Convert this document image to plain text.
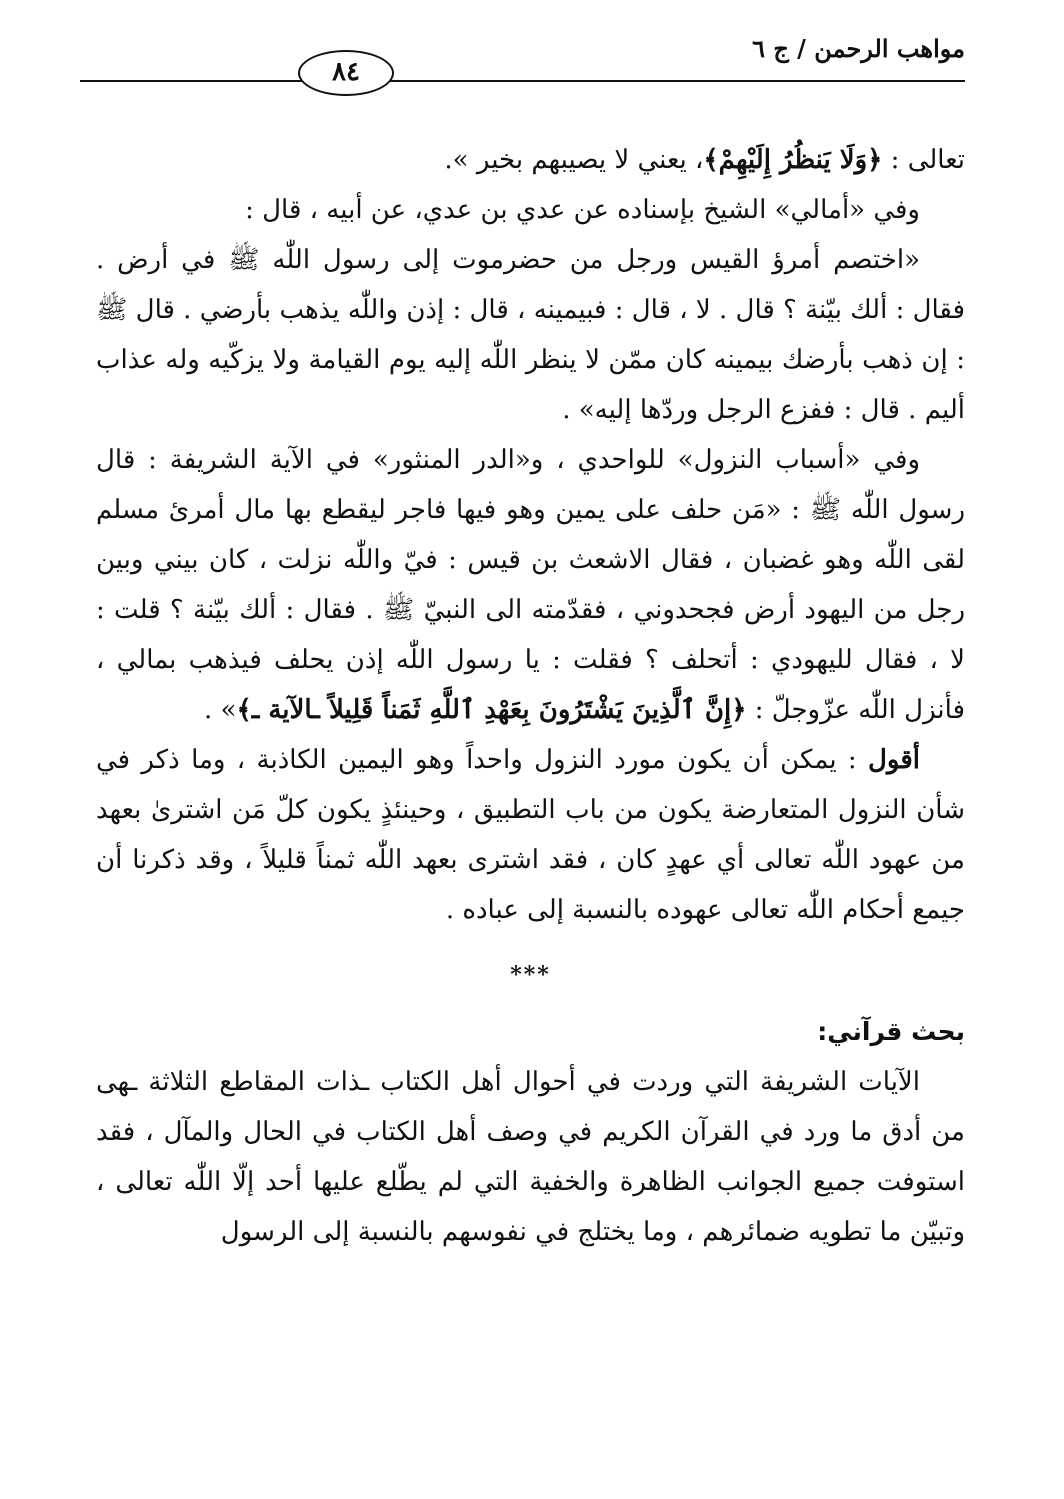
مواهب الرحمن / ج ٦
٨٤

تعالى : ﴿وَلَا يَنظُرُ إِلَيْهِمْ﴾، يعني لا يصيبهم بخير ».

وفي «أمالي» الشيخ بإسناده عن عدي بن عدي، عن أبيه ، قال :

«اختصم أمرؤ القيس ورجل من حضرموت إلى رسول اللّٰه ﷺ في أرض . فقال : ألك بيّنة ؟ قال . لا ، قال : فبيمينه ، قال : إذن واللّٰه يذهب بأرضي . قال ﷺ : إن ذهب بأرضك بيمينه كان ممّن لا ينظر اللّٰه إليه يوم القيامة ولا يزكّيه وله عذاب أليم . قال : ففزع الرجل وردّها إليه» .

وفي «أسباب النزول» للواحدي ، و«الدر المنثور» في الآية الشريفة : قال رسول اللّٰه ﷺ : «مَن حلف على يمين وهو فيها فاجر ليقطع بها مال أمرئ مسلم لقى اللّٰه وهو غضبان ، فقال الاشعث بن قيس : فيّ واللّٰه نزلت ، كان بيني وبين رجل من اليهود أرض فجحدوني ، فقدّمته الى النبيّ ﷺ . فقال : ألك بيّنة ؟ قلت : لا ، فقال لليهودي : أتحلف ؟ فقلت : يا رسول اللّٰه إذن يحلف فيذهب بمالي ، فأنزل اللّٰه عزّوجلّ : ﴿إِنَّ ٱلَّذِينَ يَشْتَرُونَ بِعَهْدِ ٱللَّهِ ثَمَناً قَلِيلاً ـالآية ـ﴾» .

أقول : يمكن أن يكون مورد النزول واحداً وهو اليمين الكاذبة ، وما ذكر في شأن النزول المتعارضة يكون من باب التطبيق ، وحينئذٍ يكون كلّ مَن اشترىٰ بعهد من عهود اللّٰه تعالى أي عهدٍ كان ، فقد اشترى بعهد اللّٰه ثمناً قليلاً ، وقد ذكرنا أن جيمع أحكام اللّٰه تعالى عهوده بالنسبة إلى عباده .

***

بحث قرآني:

الآيات الشريفة التي وردت في أحوال أهل الكتاب ـذات المقاطع الثلاثة ـهى من أدق ما ورد في القرآن الكريم في وصف أهل الكتاب في الحال والمآل ، فقد استوفت جميع الجوانب الظاهرة والخفية التي لم يطّلع عليها أحد إلّا اللّٰه تعالى ، وتبيّن ما تطويه ضمائرهم ، وما يختلج في نفوسهم بالنسبة إلى الرسول
